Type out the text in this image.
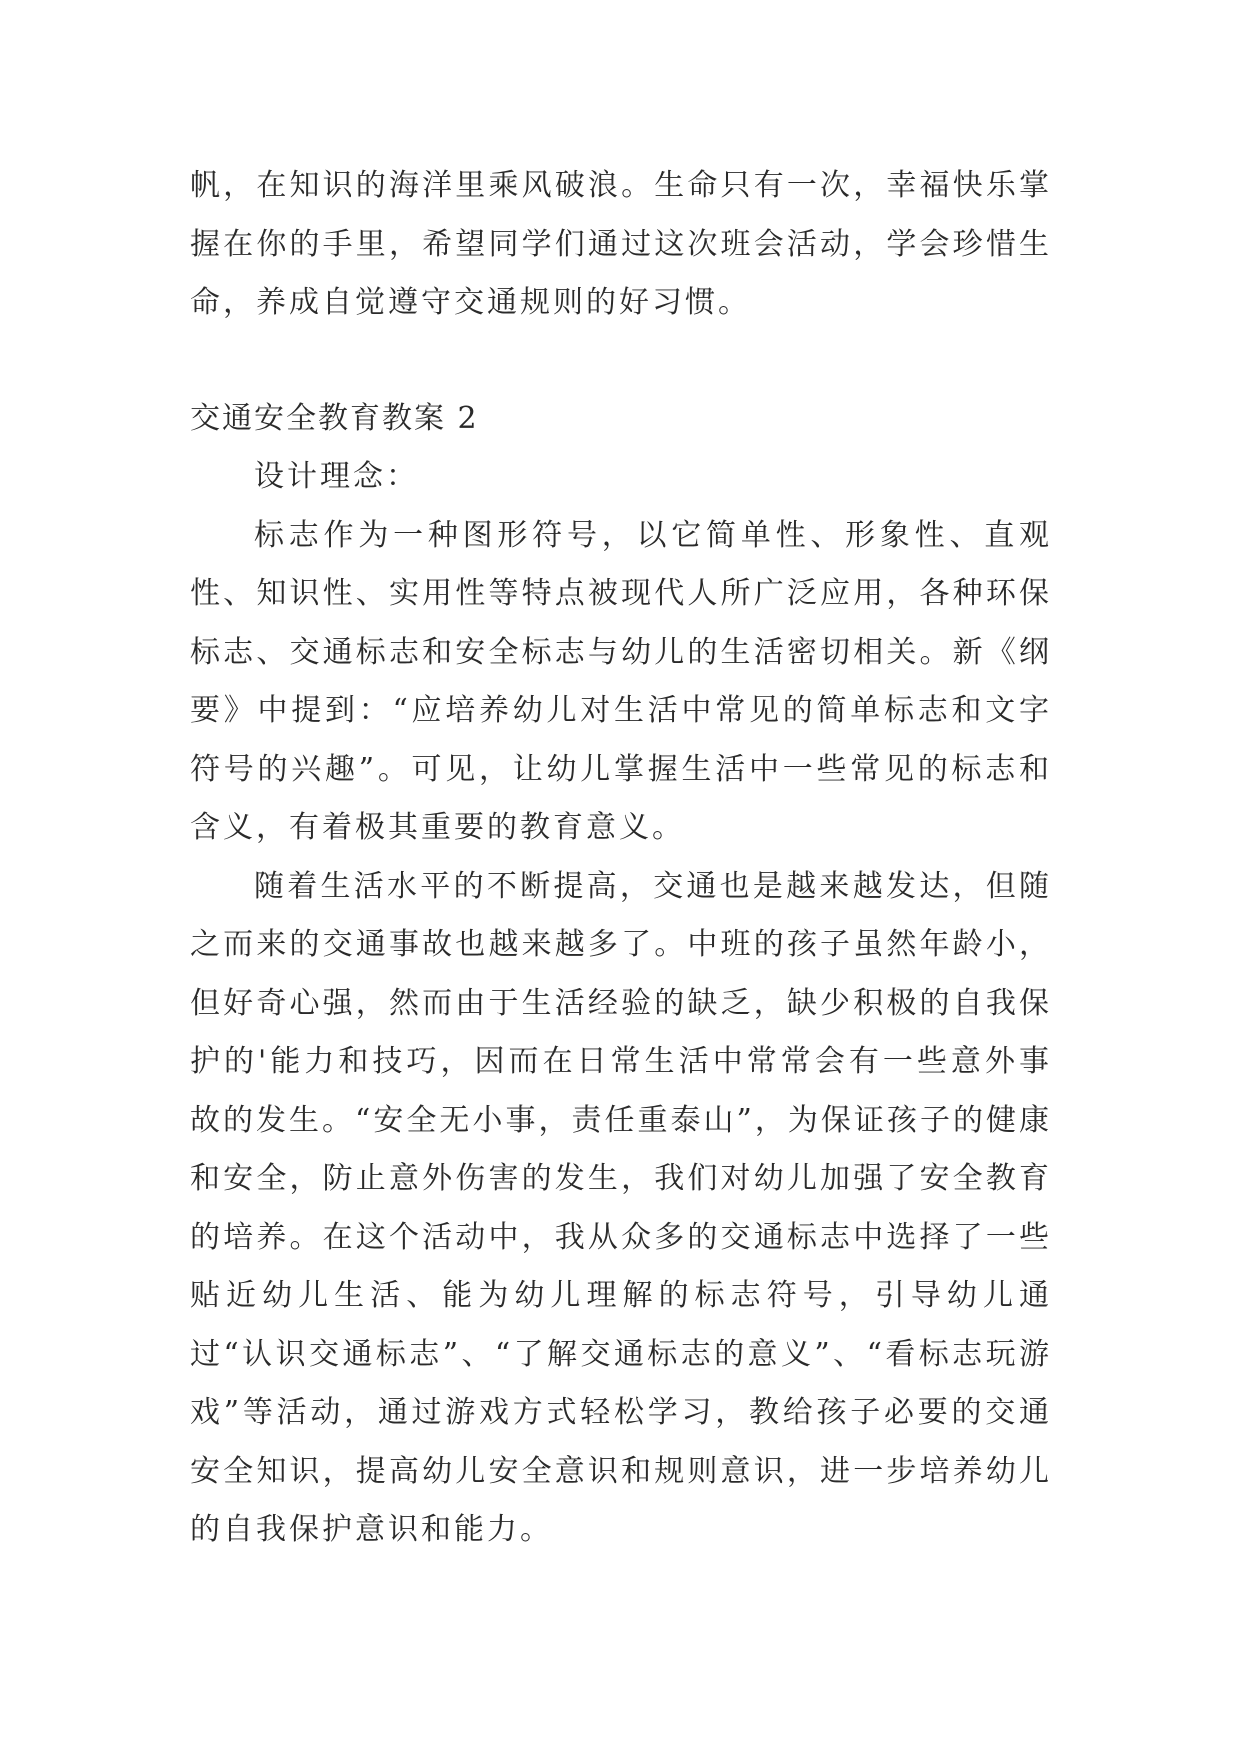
帆，在知识的海洋里乘风破浪。生命只有一次，幸福快乐掌握在你的手里，希望同学们通过这次班会活动，学会珍惜生命，养成自觉遵守交通规则的好习惯。

交通安全教育教案 2

设计理念：

标志作为一种图形符号，以它简单性、形象性、直观性、知识性、实用性等特点被现代人所广泛应用，各种环保标志、交通标志和安全标志与幼儿的生活密切相关。新《纲要》中提到：“应培养幼儿对生活中常见的简单标志和文字符号的兴趣”。可见，让幼儿掌握生活中一些常见的标志和含义，有着极其重要的教育意义。

随着生活水平的不断提高，交通也是越来越发达，但随之而来的交通事故也越来越多了。中班的孩子虽然年龄小，但好奇心强，然而由于生活经验的缺乏，缺少积极的自我保护的'能力和技巧，因而在日常生活中常常会有一些意外事故的发生。“安全无小事，责任重泰山”，为保证孩子的健康和安全，防止意外伤害的发生，我们对幼儿加强了安全教育的培养。在这个活动中，我从众多的交通标志中选择了一些贴近幼儿生活、能为幼儿理解的标志符号，引导幼儿通过“认识交通标志”、“了解交通标志的意义”、“看标志玩游戏”等活动，通过游戏方式轻松学习，教给孩子必要的交通安全知识，提高幼儿安全意识和规则意识，进一步培养幼儿的自我保护意识和能力。
